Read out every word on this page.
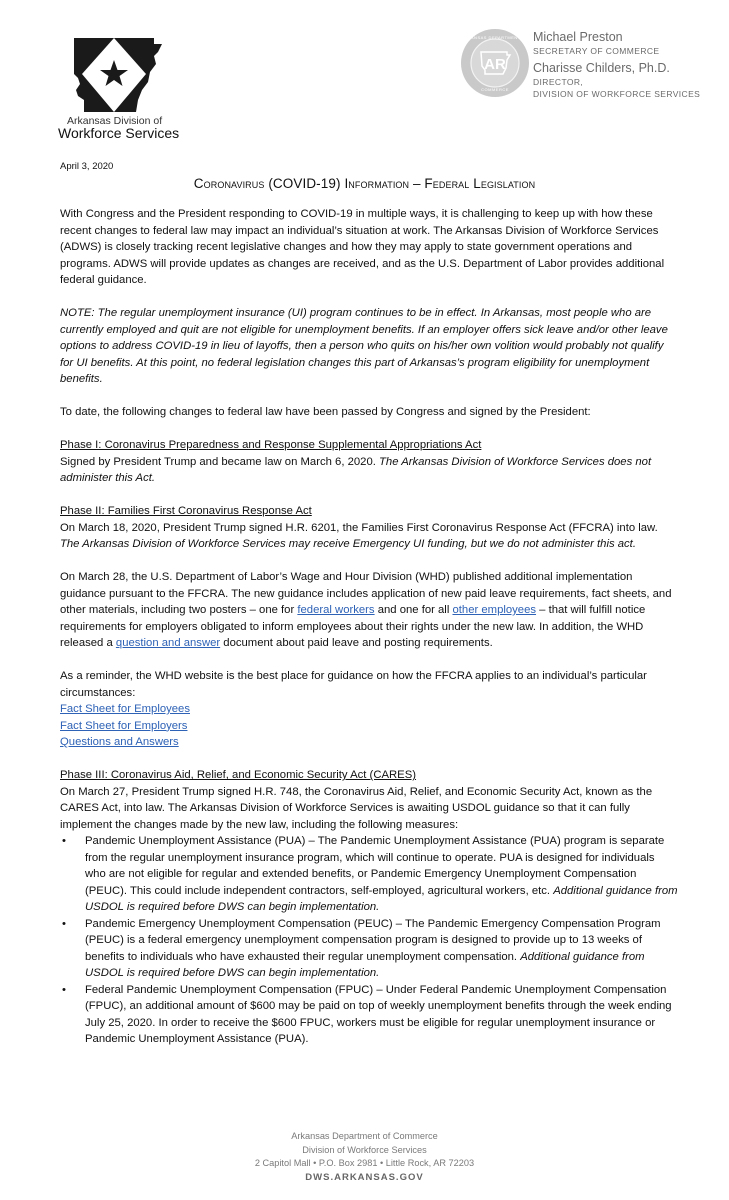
Arkansas Division of
Workforce Services
AR
ARKANSAS DEPARTMENT OF
COMMERCE
Michael Preston
SECRETARY OF COMMERCE
Charisse Childers, Ph.D.
DIRECTOR,
DIVISION OF WORKFORCE SERVICES
April 3, 2020
Coronavirus (COVID-19) Information – Federal Legislation

With Congress and the President responding to COVID-19 in multiple ways, it is challenging to keep up with how these recent changes to federal law may impact an individual’s situation at work. The Arkansas Division of Workforce Services (ADWS) is closely tracking recent legislative changes and how they may apply to state government operations and programs. ADWS will provide updates as changes are received, and as the U.S. Department of Labor provides additional federal guidance.

NOTE: The regular unemployment insurance (UI) program continues to be in effect. In Arkansas, most people who are currently employed and quit are not eligible for unemployment benefits. If an employer offers sick leave and/or other leave options to address COVID-19 in lieu of layoffs, then a person who quits on his/her own volition would probably not qualify for UI benefits. At this point, no federal legislation changes this part of Arkansas’s program eligibility for unemployment benefits.

To date, the following changes to federal law have been passed by Congress and signed by the President:

Phase I: Coronavirus Preparedness and Response Supplemental Appropriations Act
Signed by President Trump and became law on March 6, 2020. The Arkansas Division of Workforce Services does not administer this Act.

Phase II: Families First Coronavirus Response Act
On March 18, 2020, President Trump signed H.R. 6201, the Families First Coronavirus Response Act (FFCRA) into law. The Arkansas Division of Workforce Services may receive Emergency UI funding, but we do not administer this act.

On March 28, the U.S. Department of Labor’s Wage and Hour Division (WHD) published additional implementation guidance pursuant to the FFCRA. The new guidance includes application of new paid leave requirements, fact sheets, and other materials, including two posters – one for federal workers and one for all other employees – that will fulfill notice requirements for employers obligated to inform employees about their rights under the new law. In addition, the WHD released a question and answer document about paid leave and posting requirements.

As a reminder, the WHD website is the best place for guidance on how the FFCRA applies to an individual’s particular circumstances:
Fact Sheet for Employees
Fact Sheet for Employers
Questions and Answers
Phase III: Coronavirus Aid, Relief, and Economic Security Act (CARES)
On March 27, President Trump signed H.R. 748, the Coronavirus Aid, Relief, and Economic Security Act, known as the CARES Act, into law. The Arkansas Division of Workforce Services is awaiting USDOL guidance so that it can fully implement the changes made by the new law, including the following measures:
• Pandemic Unemployment Assistance (PUA) – The Pandemic Unemployment Assistance (PUA) program is separate from the regular unemployment insurance program, which will continue to operate. PUA is designed for individuals who are not eligible for regular and extended benefits, or Pandemic Emergency Unemployment Compensation (PEUC). This could include independent contractors, self-employed, agricultural workers, etc. Additional guidance from USDOL is required before DWS can begin implementation.
• Pandemic Emergency Unemployment Compensation (PEUC) – The Pandemic Emergency Compensation Program (PEUC) is a federal emergency unemployment compensation program is designed to provide up to 13 weeks of benefits to individuals who have exhausted their regular unemployment compensation. Additional guidance from USDOL is required before DWS can begin implementation.
• Federal Pandemic Unemployment Compensation (FPUC) – Under Federal Pandemic Unemployment Compensation (FPUC), an additional amount of $600 may be paid on top of weekly unemployment benefits through the week ending July 25, 2020. In order to receive the $600 FPUC, workers must be eligible for regular unemployment insurance or Pandemic Unemployment Assistance (PUA).
Arkansas Department of Commerce
Division of Workforce Services
2 Capitol Mall • P.O. Box 2981 • Little Rock, AR 72203
DWS.ARKANSAS.GOV
